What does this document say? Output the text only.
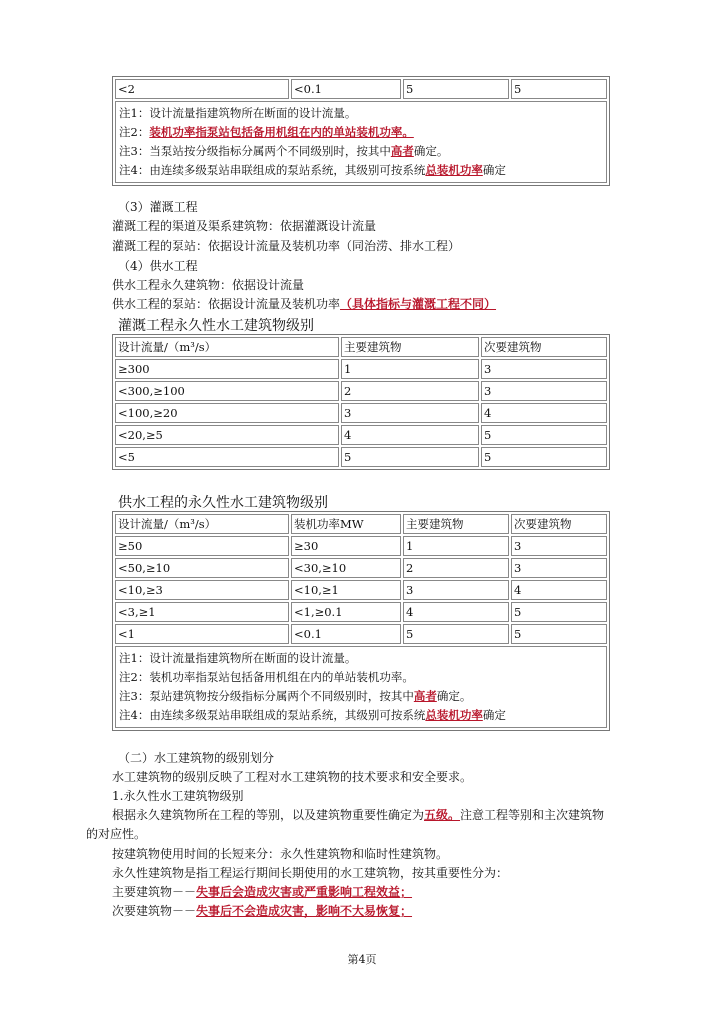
<2	<0.1	5	5

注1：设计流量指建筑物所在断面的设计流量。
注2：装机功率指泵站包括备用机组在内的单站装机功率。
注3：当泵站按分级指标分属两个不同级别时，按其中高者确定。
注4：由连续多级泵站串联组成的泵站系统，其级别可按系统总装机功率确定
（3）灌溉工程
灌溉工程的渠道及渠系建筑物：依据灌溉设计流量
灌溉工程的泵站：依据设计流量及装机功率（同治涝、排水工程）
（4）供水工程
供水工程永久建筑物：依据设计流量
供水工程的泵站：依据设计流量及装机功率（具体指标与灌溉工程不同）
灌溉工程永久性水工建筑物级别
设计流量/（m³/s）	主要建筑物	次要建筑物
≥300	1	3
<300,≥100	2	3
<100,≥20	3	4
<20,≥5	4	5
<5	5	5
供水工程的永久性水工建筑物级别
设计流量/（m³/s）	装机功率MW	主要建筑物	次要建筑物
≥50	≥30	1	3
<50,≥10	<30,≥10	2	3
<10,≥3	<10,≥1	3	4
<3,≥1	<1,≥0.1	4	5
<1	<0.1	5	5

注1：设计流量指建筑物所在断面的设计流量。
注2：装机功率指泵站包括备用机组在内的单站装机功率。
注3：泵站建筑物按分级指标分属两个不同级别时，按其中高者确定。
注4：由连续多级泵站串联组成的泵站系统，其级别可按系统总装机功率确定			
（二）水工建筑物的级别划分
水工建筑物的级别反映了工程对水工建筑物的技术要求和安全要求。
1.永久性水工建筑物级别
根据永久建筑物所在工程的等别，以及建筑物重要性确定为五级。注意工程等别和主次建筑物
的对应性。
按建筑物使用时间的长短来分：永久性建筑物和临时性建筑物。
永久性建筑物是指工程运行期间长期使用的水工建筑物，按其重要性分为：
主要建筑物－－失事后会造成灾害或严重影响工程效益；
次要建筑物－－失事后不会造成灾害，影响不大易恢复；
第4页
